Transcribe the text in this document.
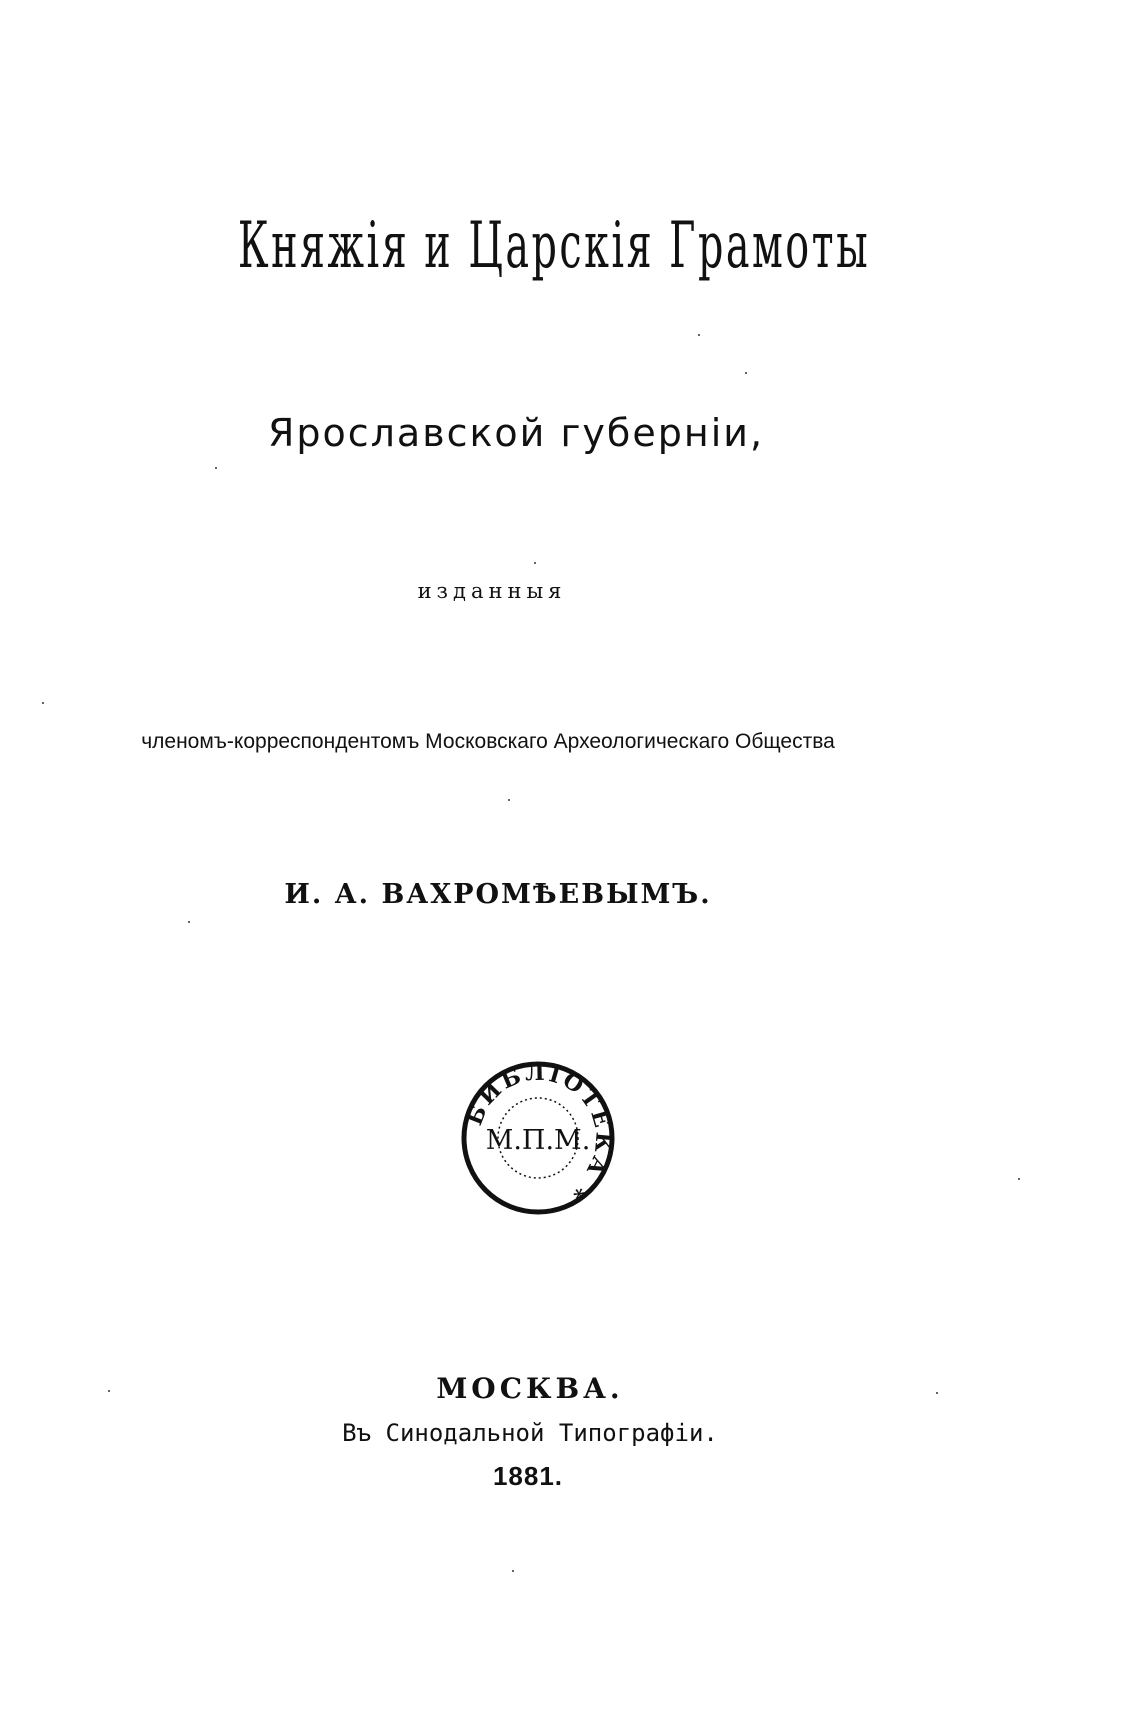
Княжія и Царскія Грамоты
Ярославской губерніи,
изданныя
членомъ-корреспондентомъ Московскаго Археологическаго Общества
И. А. ВАХРОМѢЕВЫМЪ.
БИБЛІОТЕКА *
М.П.М.
МОСКВА.
Въ Синодальной Типографіи.
1881.
